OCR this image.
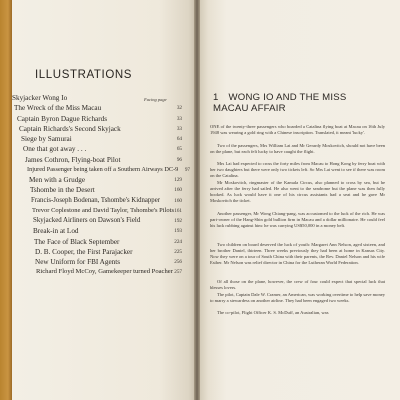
ILLUSTRATIONS
Facing page
Skyjacker Wong Io
The Wreck of the Miss Macau	32
Captain Byron Dague Richards	33
Captain Richards's Second Skyjack	33
Siege by Samurai	64
One that got away . . .	65
James Cothron, Flying-boat Pilot	96
Injured Passenger being taken off a Southern Airways DC-9 97
Men with a Grudge	129
Tshombe in the Desert	160
Francis-Joseph Bodenan, Tshombe's Kidnapper	160
Trevor Coplestone and David Taylor, Tshombe's Pilots 161
Skyjacked Airliners on Dawson's Field	192
Break-in at Lod	193
The Face of Black September	224
D. B. Cooper, the First Parajacker	225
New Uniform for FBI Agents	256
Richard Floyd McCoy, Gamekeeper turned Poacher 257
1 WONG IO AND THE MISS MACAU AFFAIR

ONE of the twenty-three passengers who boarded a Catalina flying boat at Macau on 16th July 1948 was wearing a gold ring with a Chinese inscription. Translated, it meant 'lucky'.

Two of the passengers, Mrs William Lai and Mr Gerardy Moskovitch, should not have been on the plane, but each felt lucky to have caught the flight.

Mrs Lai had expected to cross the forty miles from Macau to Hong Kong by ferry boat with her two daughters but there were only two tickets left. So Mrs Lai went to see if there was room on the Catalina.

Mr Moskovitch, ringmaster of the Kamala Circus, also planned to cross by sea, but he arrived after the ferry had sailed. He also went to the seadrome but the plane was then fully booked. As luck would have it one of his circus assistants had a seat and he gave Mr Moskovitch the ticket.

Another passenger, Mr Wong Chiang-pang, was accustomed to the luck of the rich. He was part-owner of the Hang-Shin gold bullion firm in Macau and a dollar millionaire. He could feel his luck rubbing against him: he was carrying US$50,000 in a money belt.

Two children on board deserved the luck of youth: Margaret Ann Nelson, aged sixteen, and her brother Daniel, thirteen. Three weeks previously they had been at home in Kansas City. Now they were on a tour of South China with their parents, the Rev. Daniel Nelson and his wife Esther. Mr Nelson was relief director in China for the Lutheran World Federation.

Of all those on the plane, however, the crew of four could expect that special luck that blesses lovers.

The pilot, Captain Dale W. Cramer, an American, was working overtime to help save money to marry a stewardess on another airline. They had been engaged two weeks.

The co-pilot, Flight Officer K. S. McDuff, an Australian, was
